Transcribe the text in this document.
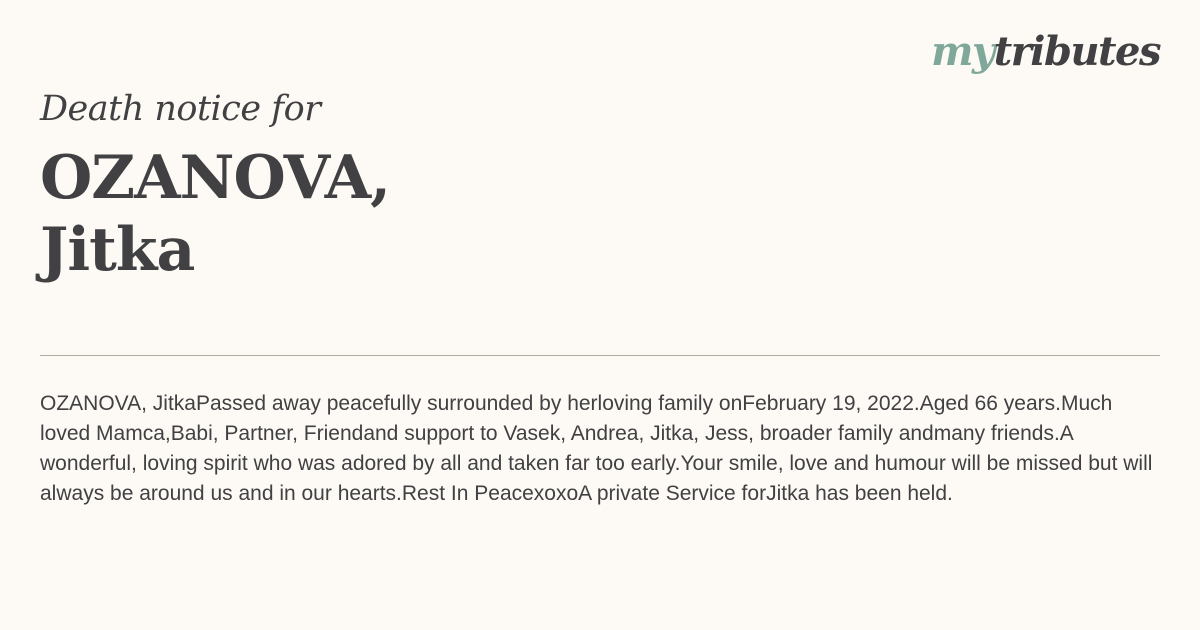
mytributes
Death notice for
OZANOVA,
Jitka

OZANOVA, JitkaPassed away peacefully surrounded by herloving family onFebruary 19, 2022.Aged 66 years.Much loved Mamca,Babi, Partner, Friendand support to Vasek, Andrea, Jitka, Jess, broader family andmany friends.A wonderful, loving spirit who was adored by all and taken far too early.Your smile, love and humour will be missed but will always be around us and in our hearts.Rest In PeacexoxoA private Service forJitka has been held.
